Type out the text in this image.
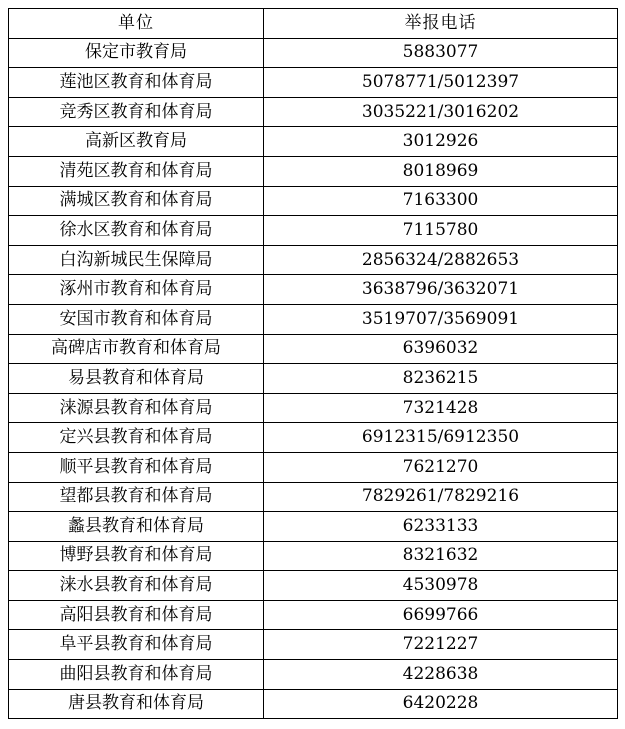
单位	举报电话
保定市教育局	5883077
莲池区教育和体育局	5078771/5012397
竞秀区教育和体育局	3035221/3016202
高新区教育局	3012926
清苑区教育和体育局	8018969
满城区教育和体育局	7163300
徐水区教育和体育局	7115780
白沟新城民生保障局	2856324/2882653
涿州市教育和体育局	3638796/3632071
安国市教育和体育局	3519707/3569091
高碑店市教育和体育局	6396032
易县教育和体育局	8236215
涞源县教育和体育局	7321428
定兴县教育和体育局	6912315/6912350
顺平县教育和体育局	7621270
望都县教育和体育局	7829261/7829216
蠡县教育和体育局	6233133
博野县教育和体育局	8321632
涞水县教育和体育局	4530978
高阳县教育和体育局	6699766
阜平县教育和体育局	7221227
曲阳县教育和体育局	4228638
唐县教育和体育局	6420228
